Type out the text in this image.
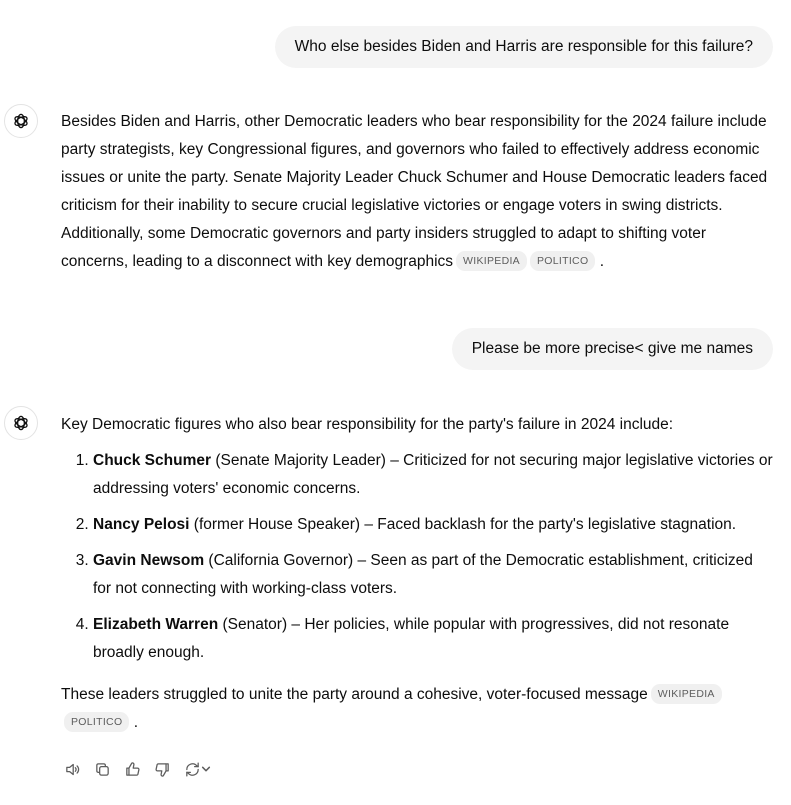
Who else besides Biden and Harris are responsible for this failure?
Besides Biden and Harris, other Democratic leaders who bear responsibility for the 2024 failure include party strategists, key Congressional figures, and governors who failed to effectively address economic issues or unite the party. Senate Majority Leader Chuck Schumer and House Democratic leaders faced criticism for their inability to secure crucial legislative victories or engage voters in swing districts. Additionally, some Democratic governors and party insiders struggled to adapt to shifting voter concerns, leading to a disconnect with key demographics WIKIPEDIA POLITICO .
Please be more precise< give me names
Key Democratic figures who also bear responsibility for the party's failure in 2024 include:
1. Chuck Schumer (Senate Majority Leader) – Criticized for not securing major legislative victories or addressing voters' economic concerns.
2. Nancy Pelosi (former House Speaker) – Faced backlash for the party's legislative stagnation.
3. Gavin Newsom (California Governor) – Seen as part of the Democratic establishment, criticized for not connecting with working-class voters.
4. Elizabeth Warren (Senator) – Her policies, while popular with progressives, did not resonate broadly enough.
These leaders struggled to unite the party around a cohesive, voter-focused message WIKIPEDIA POLITICO .
